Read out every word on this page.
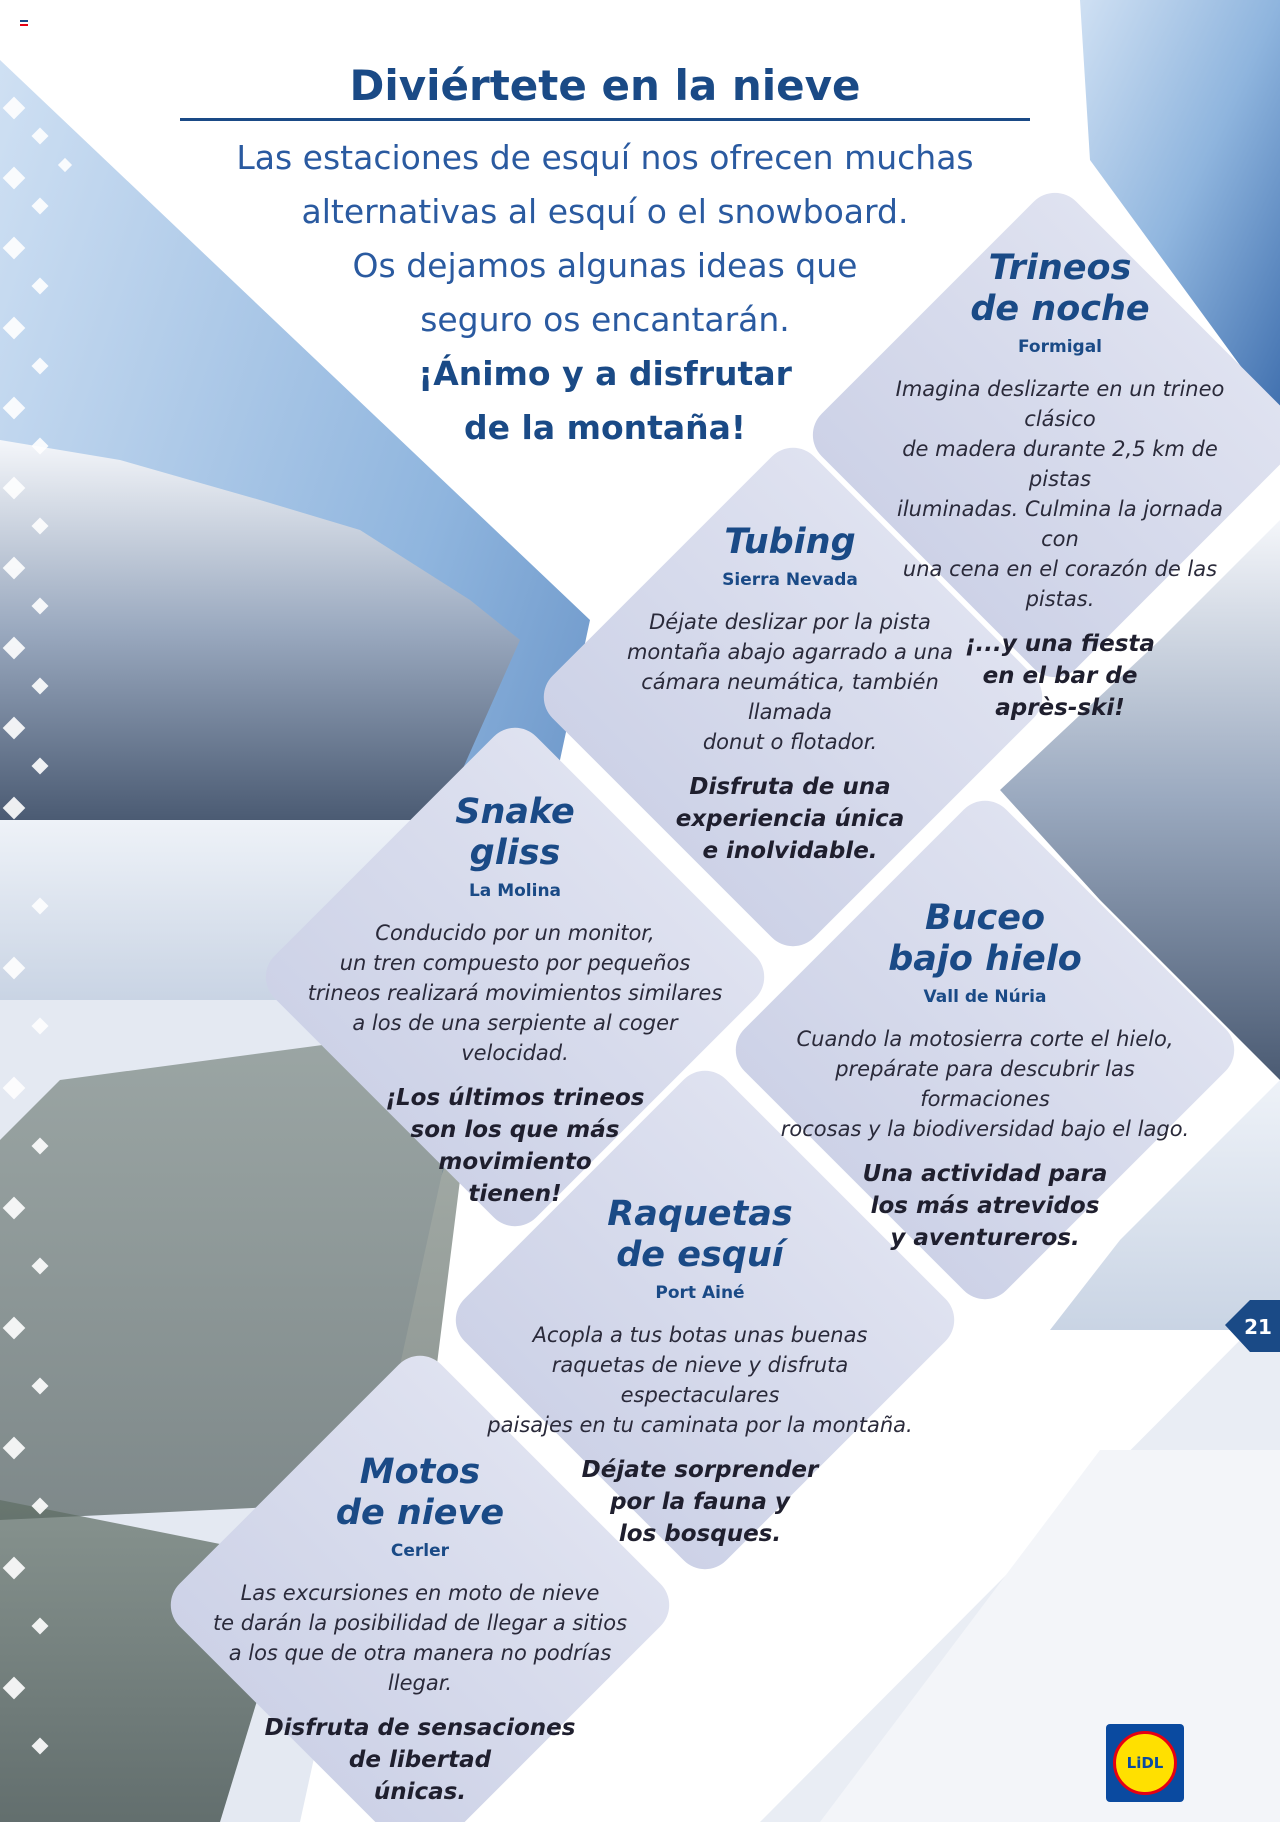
Diviértete en la nieve
Las estaciones de esquí nos ofrecen muchas
alternativas al esquí o el snowboard.
Os dejamos algunas ideas que
seguro os encantarán.
¡Ánimo y a disfrutar
de la montaña!
Trineos
de noche
Formigal
Imagina deslizarte en un trineo clásico
de madera durante 2,5 km de pistas
iluminadas. Culmina la jornada con
una cena en el corazón de las pistas.
¡...y una fiesta
en el bar de
après-ski!
Tubing
Sierra Nevada
Déjate deslizar por la pista
montaña abajo agarrado a una
cámara neumática, también llamada
donut o flotador.
Disfruta de una
experiencia única
e inolvidable.
Snake
gliss
La Molina
Conducido por un monitor,
un tren compuesto por pequeños
trineos realizará movimientos similares
a los de una serpiente al coger velocidad.
¡Los últimos trineos
son los que más
movimiento
tienen!
Buceo
bajo hielo
Vall de Núria
Cuando la motosierra corte el hielo,
prepárate para descubrir las formaciones
rocosas y la biodiversidad bajo el lago.
Una actividad para
los más atrevidos
y aventureros.
Raquetas
de esquí
Port Ainé
Acopla a tus botas unas buenas
raquetas de nieve y disfruta espectaculares
paisajes en tu caminata por la montaña.
Déjate sorprender
por la fauna y
los bosques.
Motos
de nieve
Cerler
Las excursiones en moto de nieve
te darán la posibilidad de llegar a sitios
a los que de otra manera no podrías llegar.
Disfruta de sensaciones
de libertad
únicas.
21
LiDL
